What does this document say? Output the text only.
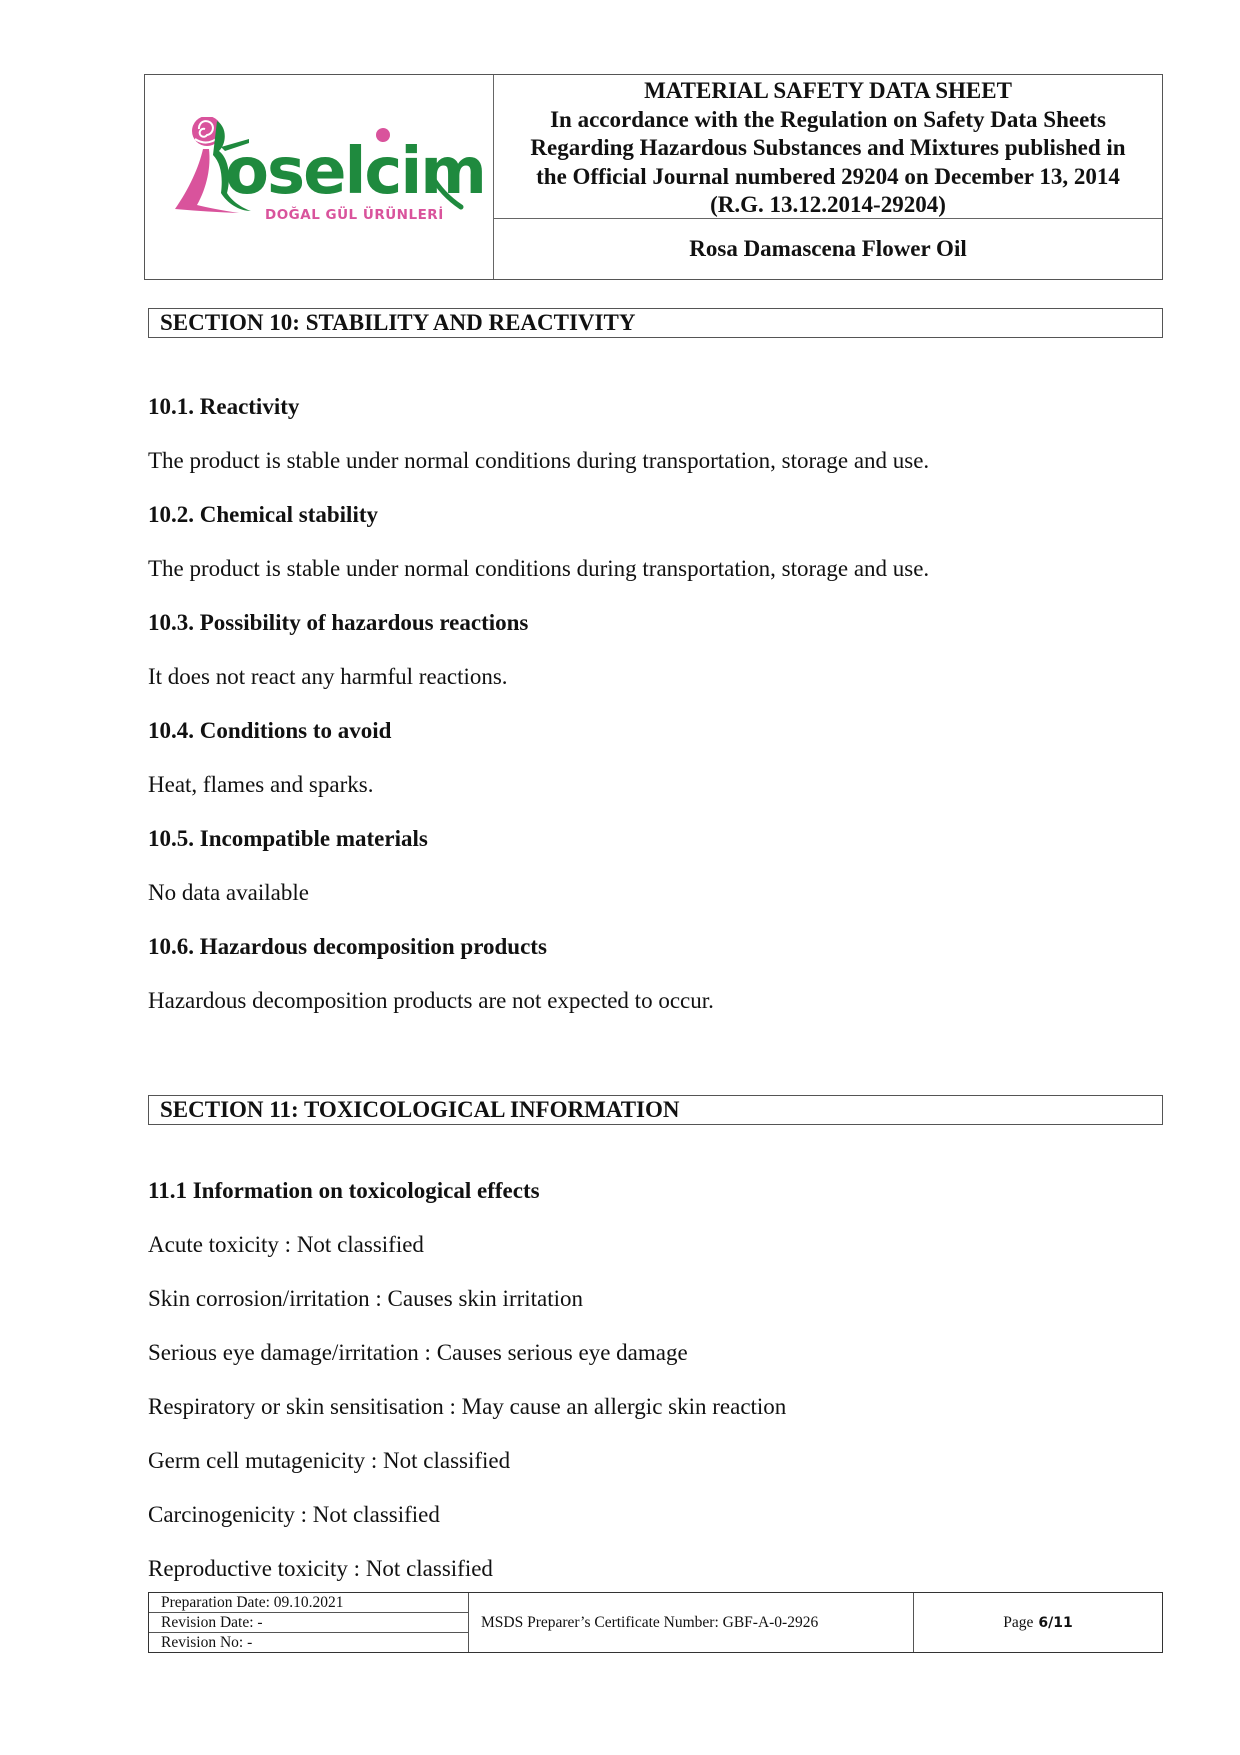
oselcim
DOĞAL GÜL ÜRÜNLERİ
MATERIAL SAFETY DATA SHEET
In accordance with the Regulation on Safety Data Sheets
Regarding Hazardous Substances and Mixtures published in
the Official Journal numbered 29204 on December 13, 2014
(R.G. 13.12.2014-29204)
Rosa Damascena Flower Oil
SECTION 10: STABILITY AND REACTIVITY
10.1. Reactivity
The product is stable under normal conditions during transportation, storage and use.
10.2. Chemical stability
The product is stable under normal conditions during transportation, storage and use.
10.3. Possibility of hazardous reactions
It does not react any harmful reactions.
10.4. Conditions to avoid
Heat, flames and sparks.
10.5. Incompatible materials
No data available
10.6. Hazardous decomposition products
Hazardous decomposition products are not expected to occur.
SECTION 11: TOXICOLOGICAL INFORMATION
11.1 Information on toxicological effects
Acute toxicity : Not classified
Skin corrosion/irritation : Causes skin irritation
Serious eye damage/irritation : Causes serious eye damage
Respiratory or skin sensitisation : May cause an allergic skin reaction
Germ cell mutagenicity : Not classified
Carcinogenicity : Not classified
Reproductive toxicity : Not classified
Preparation Date: 09.10.2021
Revision Date: -
Revision No: -
MSDS Preparer’s Certificate Number: GBF-A-0-2926	Page 6/11
